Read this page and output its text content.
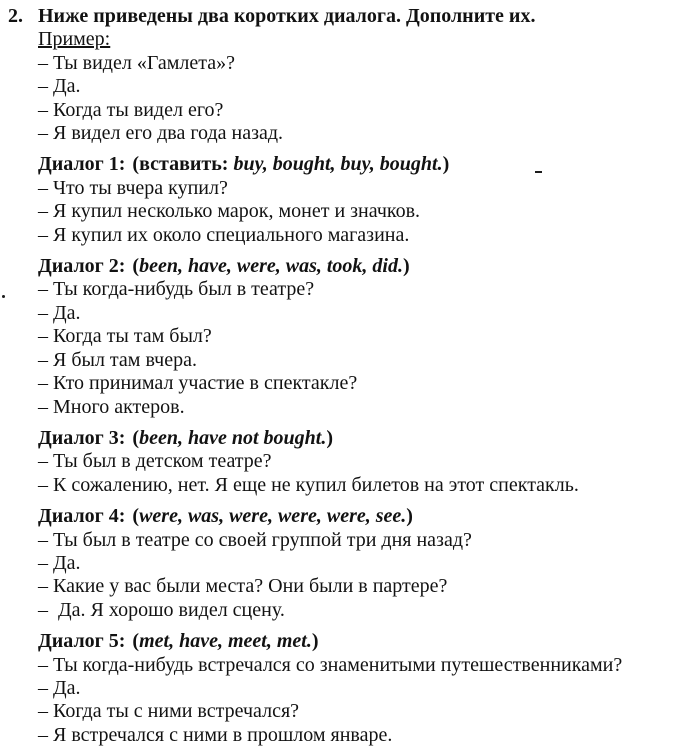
2. Ниже приведены два коротких диалога. Дополните их.

Пример:

– Ты видел «Гамлета»?

– Да.

– Когда ты видел его?

– Я видел его два года назад.

Диалог 1: (вставить: buy, bought, buy, bought.)

– Что ты вчера купил?

– Я купил несколько марок, монет и значков.

– Я купил их около специального магазина.

Диалог 2: (been, have, were, was, took, did.)

– Ты когда-нибудь был в театре?

– Да.

– Когда ты там был?

– Я был там вчера.

– Кто принимал участие в спектакле?

– Много актеров.

Диалог 3: (been, have not bought.)

– Ты был в детском театре?

– К сожалению, нет. Я еще не купил билетов на этот спектакль.

Диалог 4: (were, was, were, were, were, see.)

– Ты был в театре со своей группой три дня назад?

– Да.

– Какие у вас были места? Они были в партере?

–  Да. Я хорошо видел сцену.

Диалог 5: (met, have, meet, met.)

– Ты когда-нибудь встречался со знаменитыми путешественниками?

– Да.

– Когда ты с ними встречался?

– Я встречался с ними в прошлом январе.
